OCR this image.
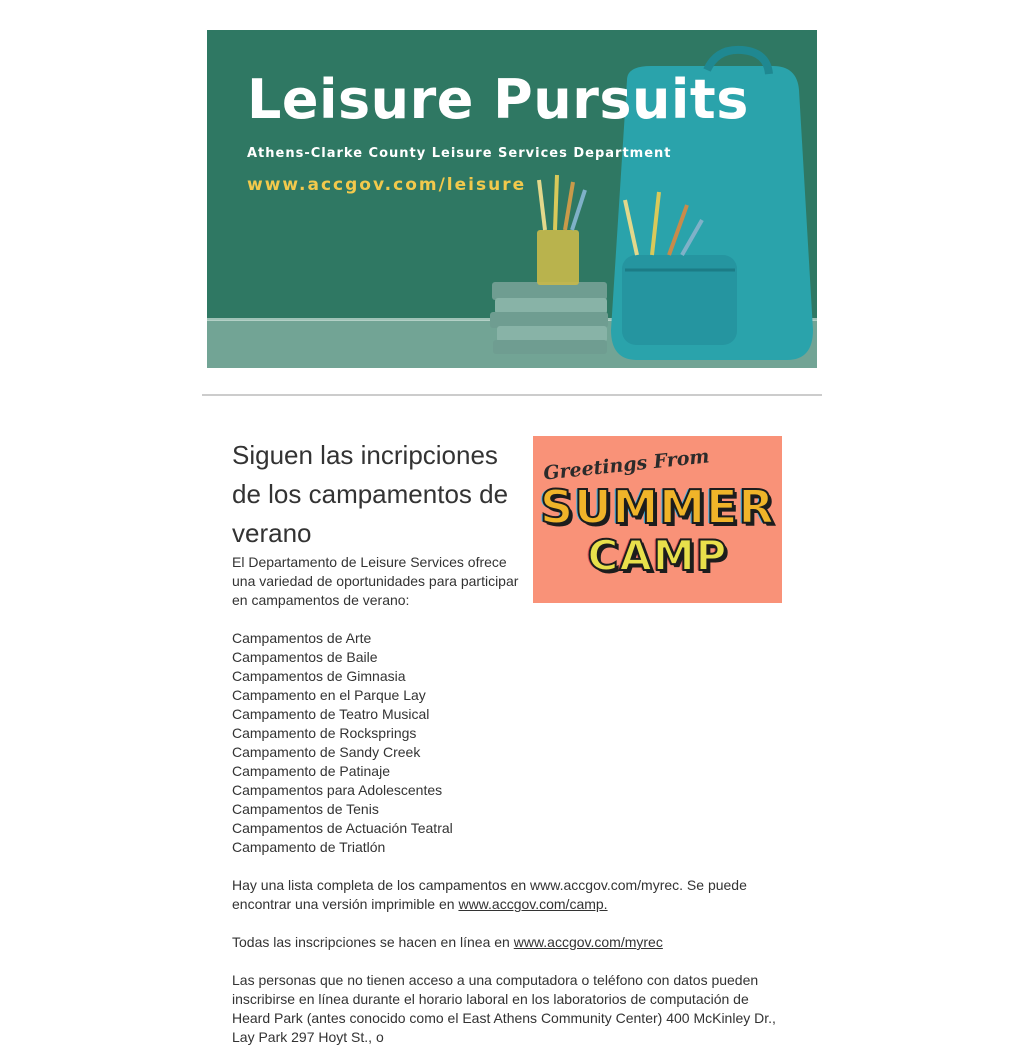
Leisure Pursuits
Athens-Clarke County Leisure Services Department
www.accgov.com/leisure
Siguen las incripciones de los campamentos de verano

El Departamento de Leisure Services ofrece una variedad de oportunidades para participar en campamentos de verano:

Greetings From
SUMMER
CAMP
Campamentos de Arte
Campamentos de Baile
Campamentos de Gimnasia
Campamento en el Parque Lay
Campamento de Teatro Musical
Campamento de Rocksprings
Campamento de Sandy Creek
Campamento de Patinaje
Campamentos para Adolescentes
Campamentos de Tenis
Campamentos de Actuación Teatral
Campamento de Triatlón

Hay una lista completa de los campamentos en www.accgov.com/myrec. Se puede encontrar una versión imprimible en www.accgov.com/camp.

Todas las inscripciones se hacen en línea en www.accgov.com/myrec

Las personas que no tienen acceso a una computadora o teléfono con datos pueden inscribirse en línea durante el horario laboral en los laboratorios de computación de Heard Park (antes conocido como el East Athens Community Center) 400 McKinley Dr., Lay Park 297 Hoyt St., o
